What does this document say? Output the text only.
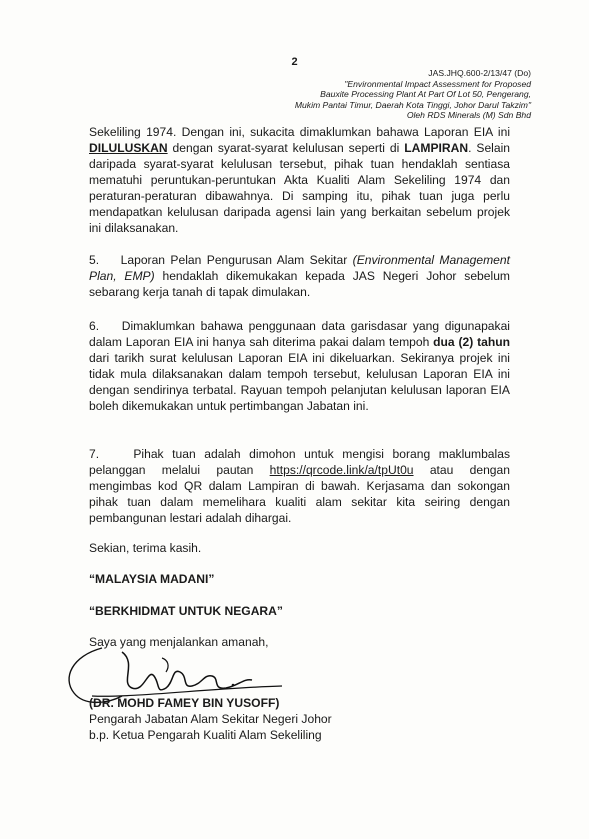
2
JAS.JHQ.600-2/13/47 (Do)
"Environmental Impact Assessment for Proposed
Bauxite Processing Plant At Part Of Lot 50, Pengerang,
Mukim Pantai Timur, Daerah Kota Tinggi, Johor Darul Takzim"
Oleh RDS Minerals (M) Sdn Bhd
Sekeliling 1974. Dengan ini, sukacita dimaklumkan bahawa Laporan EIA ini DILULUSKAN dengan syarat-syarat kelulusan seperti di LAMPIRAN. Selain daripada syarat-syarat kelulusan tersebut, pihak tuan hendaklah sentiasa mematuhi peruntukan-peruntukan Akta Kualiti Alam Sekeliling 1974 dan peraturan-peraturan dibawahnya. Di samping itu, pihak tuan juga perlu mendapatkan kelulusan daripada agensi lain yang berkaitan sebelum projek ini dilaksanakan.
5.    Laporan Pelan Pengurusan Alam Sekitar (Environmental Management Plan, EMP) hendaklah dikemukakan kepada JAS Negeri Johor sebelum sebarang kerja tanah di tapak dimulakan.
6.    Dimaklumkan bahawa penggunaan data garisdasar yang digunapakai dalam Laporan EIA ini hanya sah diterima pakai dalam tempoh dua (2) tahun dari tarikh surat kelulusan Laporan EIA ini dikeluarkan. Sekiranya projek ini tidak mula dilaksanakan dalam tempoh tersebut, kelulusan Laporan EIA ini dengan sendirinya terbatal. Rayuan tempoh pelanjutan kelulusan laporan EIA boleh dikemukakan untuk pertimbangan Jabatan ini.
7.    Pihak tuan adalah dimohon untuk mengisi borang maklumbalas pelanggan melalui pautan https://qrcode.link/a/tpUt0u atau dengan mengimbas kod QR dalam Lampiran di bawah. Kerjasama dan sokongan pihak tuan dalam memelihara kualiti alam sekitar kita seiring dengan pembangunan lestari adalah dihargai.
Sekian, terima kasih.
“MALAYSIA MADANI”
“BERKHIDMAT UNTUK NEGARA”
Saya yang menjalankan amanah,
(DR. MOHD FAMEY BIN YUSOFF)
Pengarah Jabatan Alam Sekitar Negeri Johor
b.p. Ketua Pengarah Kualiti Alam Sekeliling
